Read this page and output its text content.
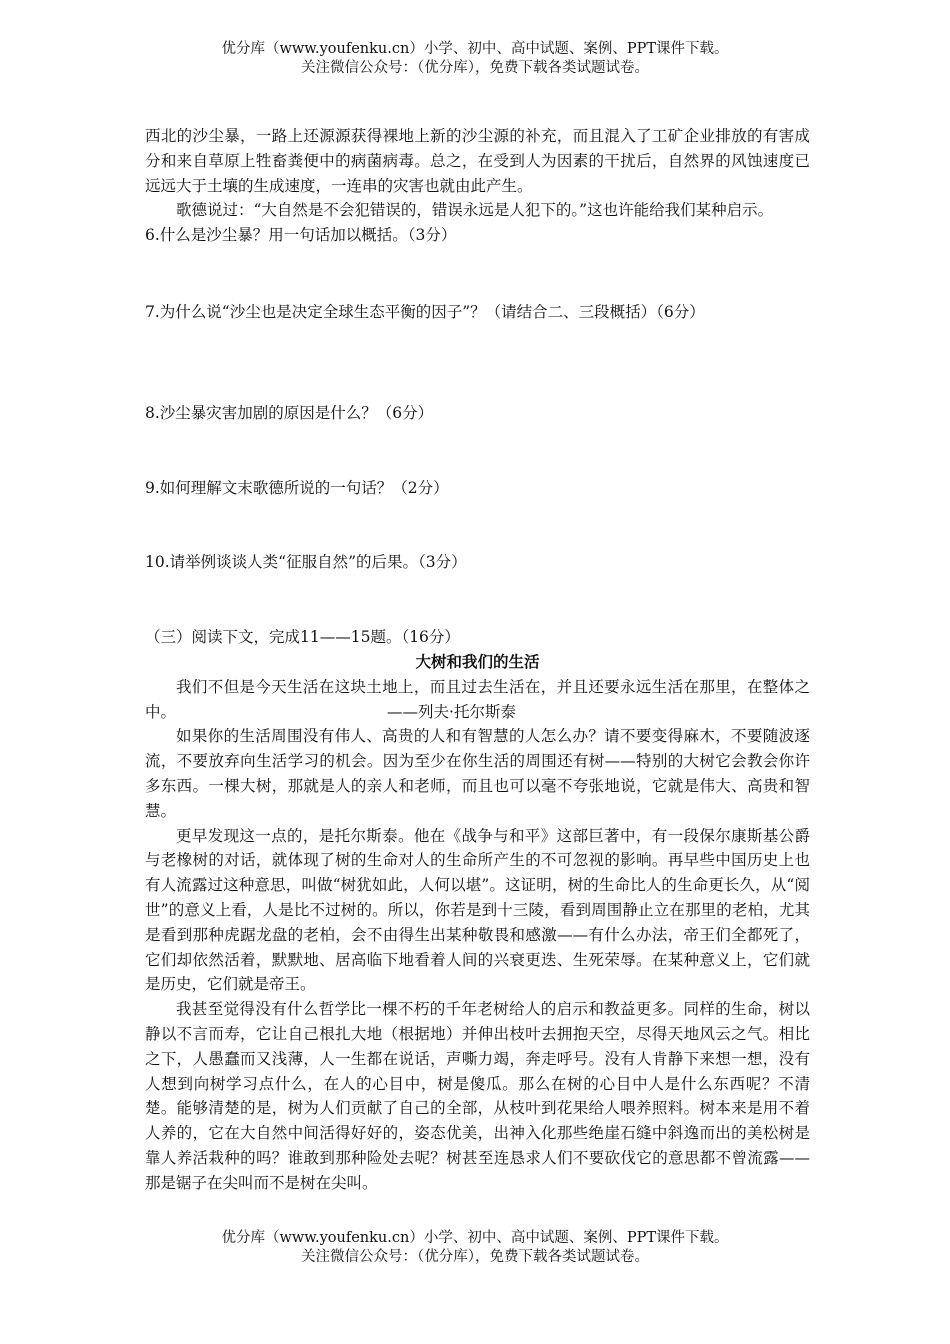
优分库（www.youfenku.cn）小学、初中、高中试题、案例、PPT课件下载。
关注微信公众号：（优分库），免费下载各类试题试卷。

西北的沙尘暴，一路上还源源获得裸地上新的沙尘源的补充，而且混入了工矿企业排放的有害成分和来自草原上牲畜粪便中的病菌病毒。总之，在受到人为因素的干扰后，自然界的风蚀速度已远远大于土壤的生成速度，一连串的灾害也就由此产生。

歌德说过：“大自然是不会犯错误的，错误永远是人犯下的。”这也许能给我们某种启示。

6.什么是沙尘暴？用一句话加以概括。（3分）

7.为什么说“沙尘也是决定全球生态平衡的因子”？（请结合二、三段概括）（6分）

8.沙尘暴灾害加剧的原因是什么？（6分）

9.如何理解文末歌德所说的一句话？（2分）

10.请举例谈谈人类“征服自然”的后果。（3分）

（三）阅读下文，完成11——15题。（16分）

大树和我们的生活

我们不但是今天生活在这块土地上，而且过去生活在，并且还要永远生活在那里，在整体之中。	——列夫·托尔斯泰

如果你的生活周围没有伟人、高贵的人和有智慧的人怎么办？请不要变得麻木，不要随波逐流，不要放弃向生活学习的机会。因为至少在你生活的周围还有树——特别的大树它会教会你许多东西。一棵大树，那就是人的亲人和老师，而且也可以毫不夸张地说，它就是伟大、高贵和智慧。

更早发现这一点的，是托尔斯泰。他在《战争与和平》这部巨著中，有一段保尔康斯基公爵与老橡树的对话，就体现了树的生命对人的生命所产生的不可忽视的影响。再早些中国历史上也有人流露过这种意思，叫做“树犹如此，人何以堪”。这证明，树的生命比人的生命更长久，从“阅世”的意义上看，人是比不过树的。所以，你若是到十三陵，看到周围静止立在那里的老柏，尤其是看到那种虎踞龙盘的老柏，会不由得生出某种敬畏和感激——有什么办法，帝王们全都死了，它们却依然活着，默默地、居高临下地看着人间的兴衰更迭、生死荣辱。在某种意义上，它们就是历史，它们就是帝王。

我甚至觉得没有什么哲学比一棵不朽的千年老树给人的启示和教益更多。同样的生命，树以静以不言而寿，它让自己根扎大地（根据地）并伸出枝叶去拥抱天空，尽得天地风云之气。相比之下，人愚蠢而又浅薄，人一生都在说话，声嘶力竭，奔走呼号。没有人肯静下来想一想，没有人想到向树学习点什么，在人的心目中，树是傻瓜。那么在树的心目中人是什么东西呢？不清楚。能够清楚的是，树为人们贡献了自己的全部，从枝叶到花果给人喂养照料。树本来是用不着人养的，它在大自然中间活得好好的，姿态优美，出神入化那些绝崖石缝中斜逸而出的美松树是靠人养活栽种的吗？谁敢到那种险处去呢？树甚至连恳求人们不要砍伐它的意思都不曾流露——那是锯子在尖叫而不是树在尖叫。

优分库（www.youfenku.cn）小学、初中、高中试题、案例、PPT课件下载。
关注微信公众号：（优分库），免费下载各类试题试卷。
